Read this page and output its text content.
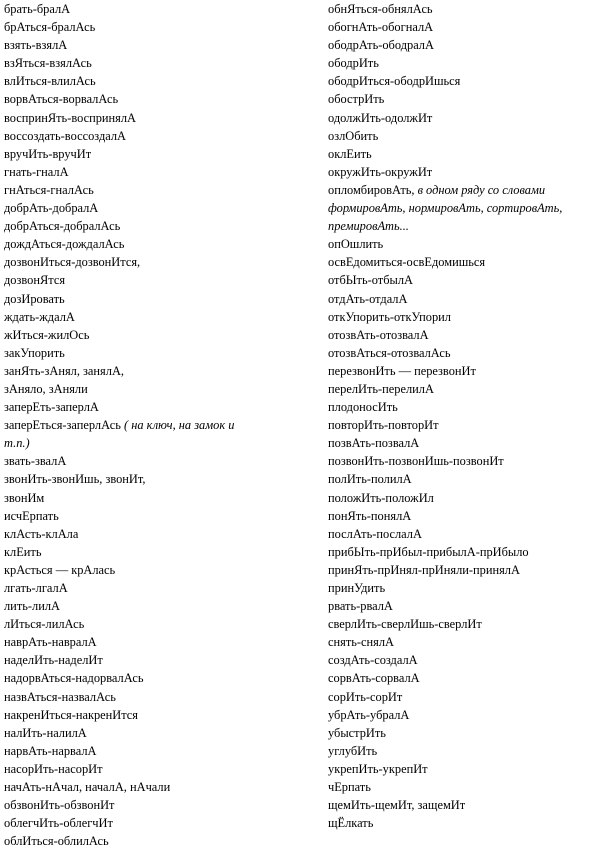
брать-бралА
брАться-бралАсь
взять-взялА
взЯться-взялАсь
влИться-влилАсь
ворвАться-ворвалАсь
воспринЯть-воспринялА
воссоздать-воссоздалА
вручИть-вручИт
гнать-гналА
гнАться-гналАсь
добрАть-добралА
добрАться-добралАсь
дождАться-дождалАсь
дозвонИться-дозвонИтся,
дозвонЯтся
дозИровать
ждать-ждалА
жИться-жилОсь
закУпорить
занЯть-зАнял, занялА,
зАняло, зАняли
заперЕть-заперлА
заперЕться-заперлАсь ( на ключ, на замок и
т.п.)
звать-звалА
звонИть-звонИшь, звонИт,
звонИм
исчЕрпать
клАсть-клАла
клЕить
крАсться — крАлась
лгать-лгалА
лить-лилА
лИться-лилАсь
наврАть-навралА
наделИть-наделИт
надорвАться-надорвалАсь
назвАться-назвалАсь
накренИться-накренИтся
налИть-налилА
нарвАть-нарвалА
насорИть-насорИт
начАть-нАчал, началА, нАчали
обзвонИть-обзвонИт
облегчИть-облегчИт
облИться-облилАсь
обнЯться-обнялАсь
обогнАть-обогналА
ободрАть-ободралА
ободрИть
ободрИться-ободрИшься
обострИть
одолжИть-одолжИт
озлОбить
оклЕить
окружИть-окружИт
опломбировАть, в одном ряду со словами
формировАть, нормировАть, сортировАть,
премировАть...
опОшлить
освЕдомиться-освЕдомишься
отбЫть-отбылА
отдАть-отдалА
откУпорить-откУпорил
отозвАть-отозвалА
отозвАться-отозвалАсь
перезвонИть — перезвонИт
перелИть-перелилА
плодоносИть
повторИть-повторИт
позвАть-позвалА
позвонИть-позвонИшь-позвонИт
полИть-полилА
положИть-положИл
понЯть-понялА
послАть-послалА
прибЫть-прИбыл-прибылА-прИбыло
принЯть-прИнял-прИняли-принялА
принУдить
рвать-рвалА
сверлИть-сверлИшь-сверлИт
снять-снялА
создАть-создалА
сорвАть-сорвалА
сорИть-сорИт
убрАть-убралА
убыстрИть
углубИть
укрепИть-укрепИт
чЕрпать
щемИть-щемИт, защемИт
щЁлкать
